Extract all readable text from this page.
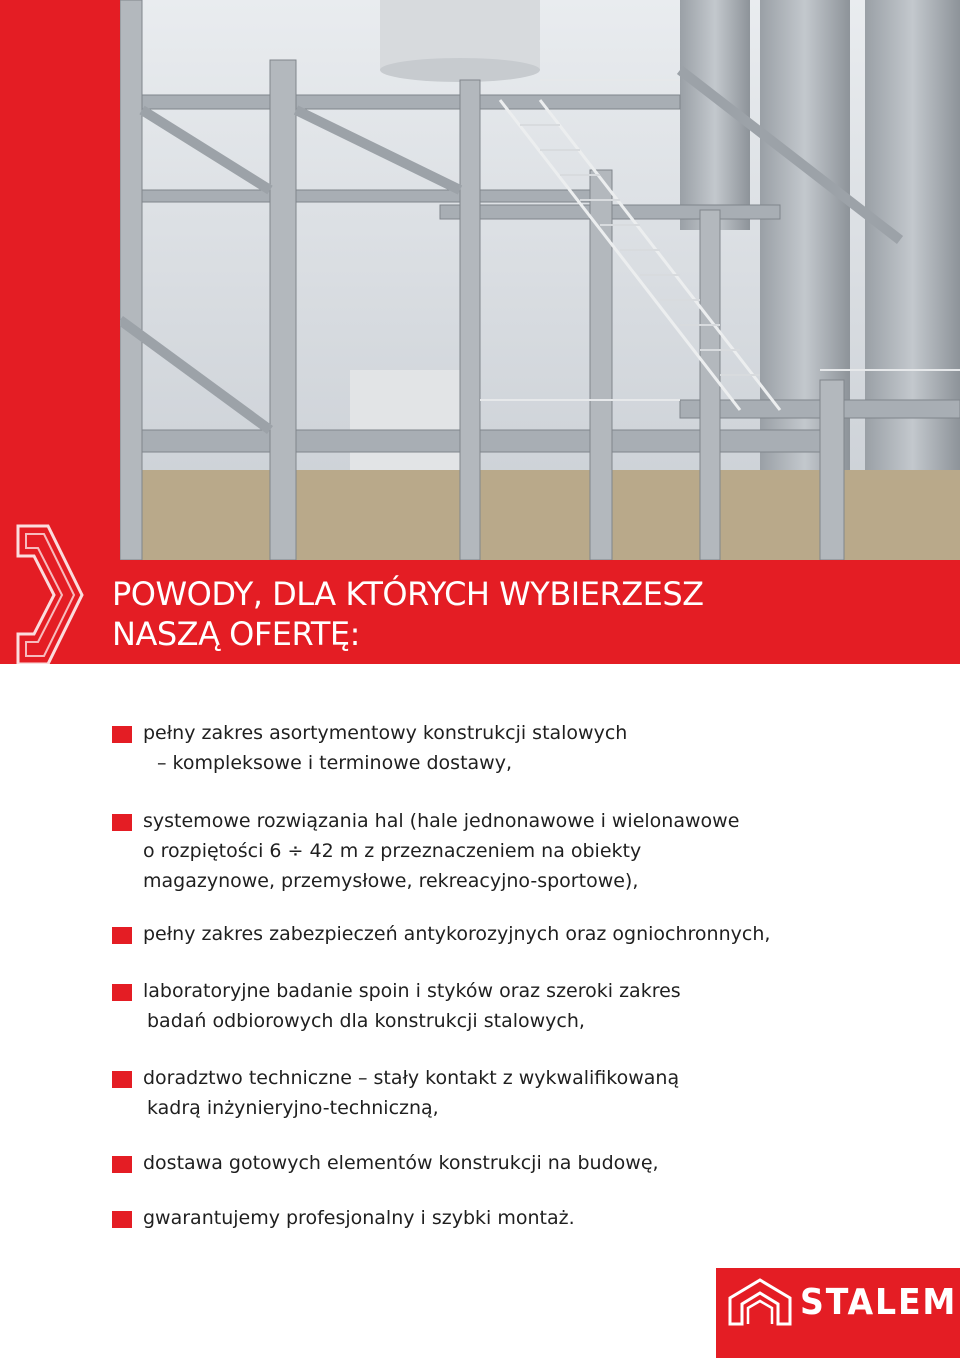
POWODY, DLA KTÓRYCH WYBIERZESZ
NASZĄ OFERTĘ:
pełny zakres asortymentowy konstrukcji stalowych
– kompleksowe i terminowe dostawy,
systemowe rozwiązania hal (hale jednonawowe i wielonawowe
o rozpiętości 6 ÷ 42 m z przeznaczeniem na obiekty
magazynowe, przemysłowe, rekreacyjno-sportowe),
pełny zakres zabezpieczeń antykorozyjnych oraz ogniochronnych,
laboratoryjne badanie spoin i styków oraz szeroki zakres
badań odbiorowych dla konstrukcji stalowych,
doradztwo techniczne – stały kontakt z wykwalifikowaną
kadrą inżynieryjno-techniczną,
dostawa gotowych elementów konstrukcji na budowę,
gwarantujemy profesjonalny i szybki montaż.
STALEM
